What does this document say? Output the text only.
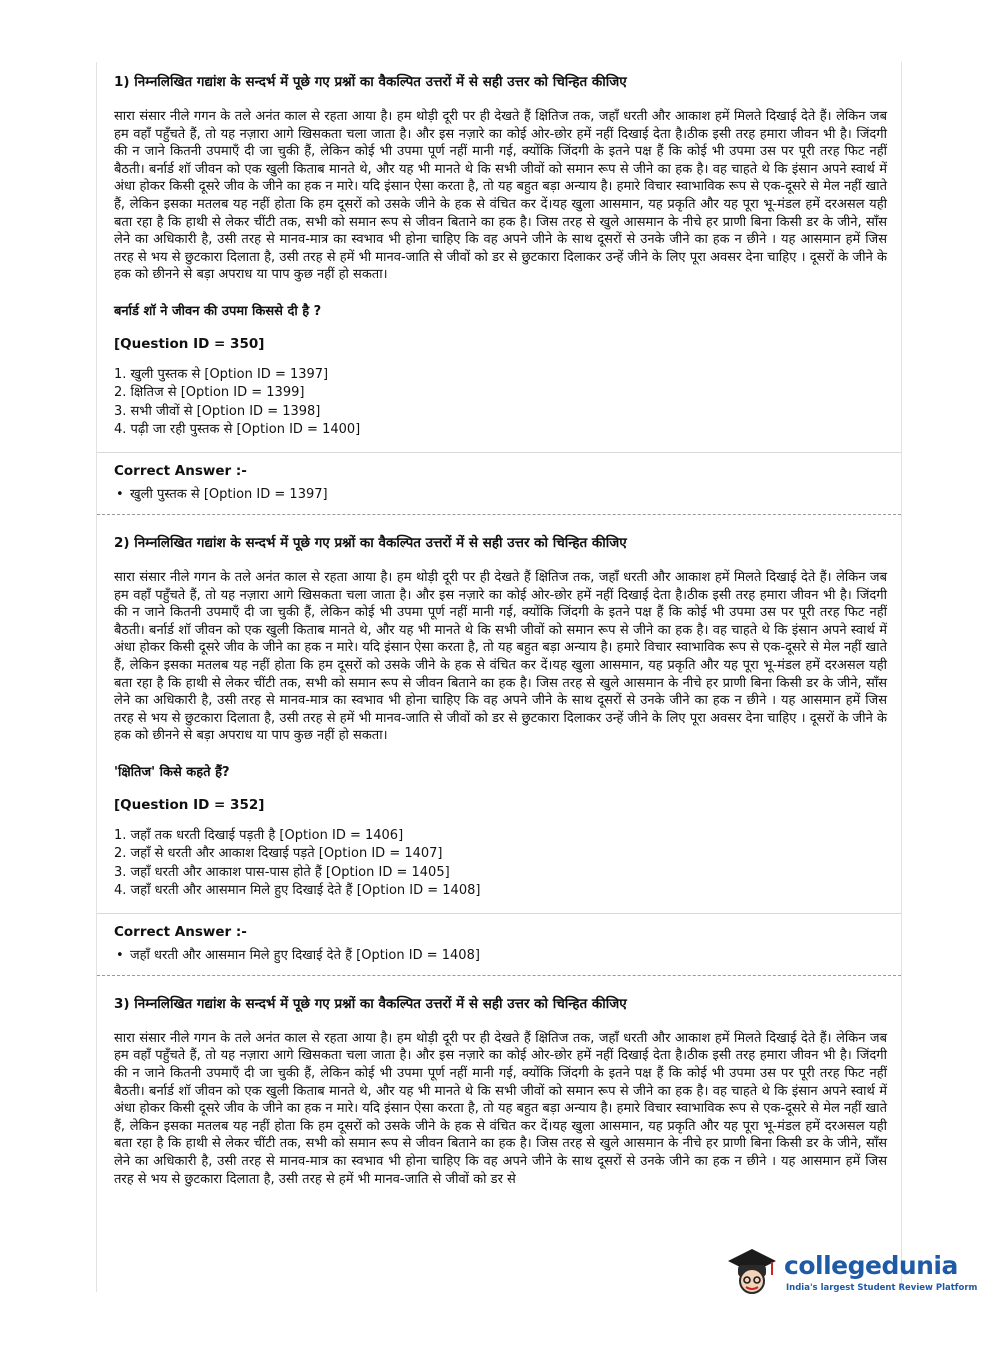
1) निम्नलिखित गद्यांश के सन्दर्भ में पूछे गए प्रश्नों का वैकल्पित उत्तरों में से सही उत्तर को चिन्हित कीजिए
सारा संसार नीले गगन के तले अनंत काल से रहता आया है। हम थोड़ी दूरी पर ही देखते हैं क्षितिज तक, जहाँ धरती और आकाश हमें मिलते दिखाई देते हैं। लेकिन जब हम वहाँ पहुँचते हैं, तो यह नज़ारा आगे खिसकता चला जाता है। और इस नज़ारे का कोई ओर-छोर हमें नहीं दिखाई देता है।ठीक इसी तरह हमारा जीवन भी है। जिंदगी की न जाने कितनी उपमाएँ दी जा चुकी हैं, लेकिन कोई भी उपमा पूर्ण नहीं मानी गई, क्योंकि जिंदगी के इतने पक्ष हैं कि कोई भी उपमा उस पर पूरी तरह फिट नहीं बैठती। बर्नार्ड शॉ जीवन को एक खुली किताब मानते थे, और यह भी मानते थे कि सभी जीवों को समान रूप से जीने का हक है। वह चाहते थे कि इंसान अपने स्वार्थ में अंधा होकर किसी दूसरे जीव के जीने का हक न मारे। यदि इंसान ऐसा करता है, तो यह बहुत बड़ा अन्याय है। हमारे विचार स्वाभाविक रूप से एक-दूसरे से मेल नहीं खाते हैं, लेकिन इसका मतलब यह नहीं होता कि हम दूसरों को उसके जीने के हक से वंचित कर दें।यह खुला आसमान, यह प्रकृति और यह पूरा भू-मंडल हमें दरअसल यही बता रहा है कि हाथी से लेकर चींटी तक, सभी को समान रूप से जीवन बिताने का हक है। जिस तरह से खुले आसमान के नीचे हर प्राणी बिना किसी डर के जीने, साँस लेने का अधिकारी है, उसी तरह से मानव-मात्र का स्वभाव भी होना चाहिए कि वह अपने जीने के साथ दूसरों से उनके जीने का हक न छीने । यह आसमान हमें जिस तरह से भय से छुटकारा दिलाता है, उसी तरह से हमें भी मानव-जाति से जीवों को डर से छुटकारा दिलाकर उन्हें जीने के लिए पूरा अवसर देना चाहिए । दूसरों के जीने के हक को छीनने से बड़ा अपराध या पाप कुछ नहीं हो सकता।
बर्नार्ड शॉ ने जीवन की उपमा किससे दी है ?
[Question ID = 350]
1. खुली पुस्तक से [Option ID = 1397]
2. क्षितिज से [Option ID = 1399]
3. सभी जीवों से [Option ID = 1398]
4. पढ़ी जा रही पुस्तक से [Option ID = 1400]
Correct Answer :-
• खुली पुस्तक से [Option ID = 1397]
2) निम्नलिखित गद्यांश के सन्दर्भ में पूछे गए प्रश्नों का वैकल्पित उत्तरों में से सही उत्तर को चिन्हित कीजिए
सारा संसार नीले गगन के तले अनंत काल से रहता आया है। हम थोड़ी दूरी पर ही देखते हैं क्षितिज तक, जहाँ धरती और आकाश हमें मिलते दिखाई देते हैं। लेकिन जब हम वहाँ पहुँचते हैं, तो यह नज़ारा आगे खिसकता चला जाता है। और इस नज़ारे का कोई ओर-छोर हमें नहीं दिखाई देता है।ठीक इसी तरह हमारा जीवन भी है। जिंदगी की न जाने कितनी उपमाएँ दी जा चुकी हैं, लेकिन कोई भी उपमा पूर्ण नहीं मानी गई, क्योंकि जिंदगी के इतने पक्ष हैं कि कोई भी उपमा उस पर पूरी तरह फिट नहीं बैठती। बर्नार्ड शॉ जीवन को एक खुली किताब मानते थे, और यह भी मानते थे कि सभी जीवों को समान रूप से जीने का हक है। वह चाहते थे कि इंसान अपने स्वार्थ में अंधा होकर किसी दूसरे जीव के जीने का हक न मारे। यदि इंसान ऐसा करता है, तो यह बहुत बड़ा अन्याय है। हमारे विचार स्वाभाविक रूप से एक-दूसरे से मेल नहीं खाते हैं, लेकिन इसका मतलब यह नहीं होता कि हम दूसरों को उसके जीने के हक से वंचित कर दें।यह खुला आसमान, यह प्रकृति और यह पूरा भू-मंडल हमें दरअसल यही बता रहा है कि हाथी से लेकर चींटी तक, सभी को समान रूप से जीवन बिताने का हक है। जिस तरह से खुले आसमान के नीचे हर प्राणी बिना किसी डर के जीने, साँस लेने का अधिकारी है, उसी तरह से मानव-मात्र का स्वभाव भी होना चाहिए कि वह अपने जीने के साथ दूसरों से उनके जीने का हक न छीने । यह आसमान हमें जिस तरह से भय से छुटकारा दिलाता है, उसी तरह से हमें भी मानव-जाति से जीवों को डर से छुटकारा दिलाकर उन्हें जीने के लिए पूरा अवसर देना चाहिए । दूसरों के जीने के हक को छीनने से बड़ा अपराध या पाप कुछ नहीं हो सकता।
'क्षितिज' किसे कहते हैं?
[Question ID = 352]
1. जहाँ तक धरती दिखाई पड़ती है [Option ID = 1406]
2. जहाँ से धरती और आकाश दिखाई पड़ते [Option ID = 1407]
3. जहाँ धरती और आकाश पास-पास होते हैं [Option ID = 1405]
4. जहाँ धरती और आसमान मिले हुए दिखाई देते हैं [Option ID = 1408]
Correct Answer :-
• जहाँ धरती और आसमान मिले हुए दिखाई देते हैं [Option ID = 1408]
3) निम्नलिखित गद्यांश के सन्दर्भ में पूछे गए प्रश्नों का वैकल्पित उत्तरों में से सही उत्तर को चिन्हित कीजिए
सारा संसार नीले गगन के तले अनंत काल से रहता आया है। हम थोड़ी दूरी पर ही देखते हैं क्षितिज तक, जहाँ धरती और आकाश हमें मिलते दिखाई देते हैं। लेकिन जब हम वहाँ पहुँचते हैं, तो यह नज़ारा आगे खिसकता चला जाता है। और इस नज़ारे का कोई ओर-छोर हमें नहीं दिखाई देता है।ठीक इसी तरह हमारा जीवन भी है। जिंदगी की न जाने कितनी उपमाएँ दी जा चुकी हैं, लेकिन कोई भी उपमा पूर्ण नहीं मानी गई, क्योंकि जिंदगी के इतने पक्ष हैं कि कोई भी उपमा उस पर पूरी तरह फिट नहीं बैठती। बर्नार्ड शॉ जीवन को एक खुली किताब मानते थे, और यह भी मानते थे कि सभी जीवों को समान रूप से जीने का हक है। वह चाहते थे कि इंसान अपने स्वार्थ में अंधा होकर किसी दूसरे जीव के जीने का हक न मारे। यदि इंसान ऐसा करता है, तो यह बहुत बड़ा अन्याय है। हमारे विचार स्वाभाविक रूप से एक-दूसरे से मेल नहीं खाते हैं, लेकिन इसका मतलब यह नहीं होता कि हम दूसरों को उसके जीने के हक से वंचित कर दें।यह खुला आसमान, यह प्रकृति और यह पूरा भू-मंडल हमें दरअसल यही बता रहा है कि हाथी से लेकर चींटी तक, सभी को समान रूप से जीवन बिताने का हक है। जिस तरह से खुले आसमान के नीचे हर प्राणी बिना किसी डर के जीने, साँस लेने का अधिकारी है, उसी तरह से मानव-मात्र का स्वभाव भी होना चाहिए कि वह अपने जीने के साथ दूसरों से उनके जीने का हक न छीने । यह आसमान हमें जिस तरह से भय से छुटकारा दिलाता है, उसी तरह से हमें भी मानव-जाति से जीवों को डर से
collegedunia
India's largest Student Review Platform
